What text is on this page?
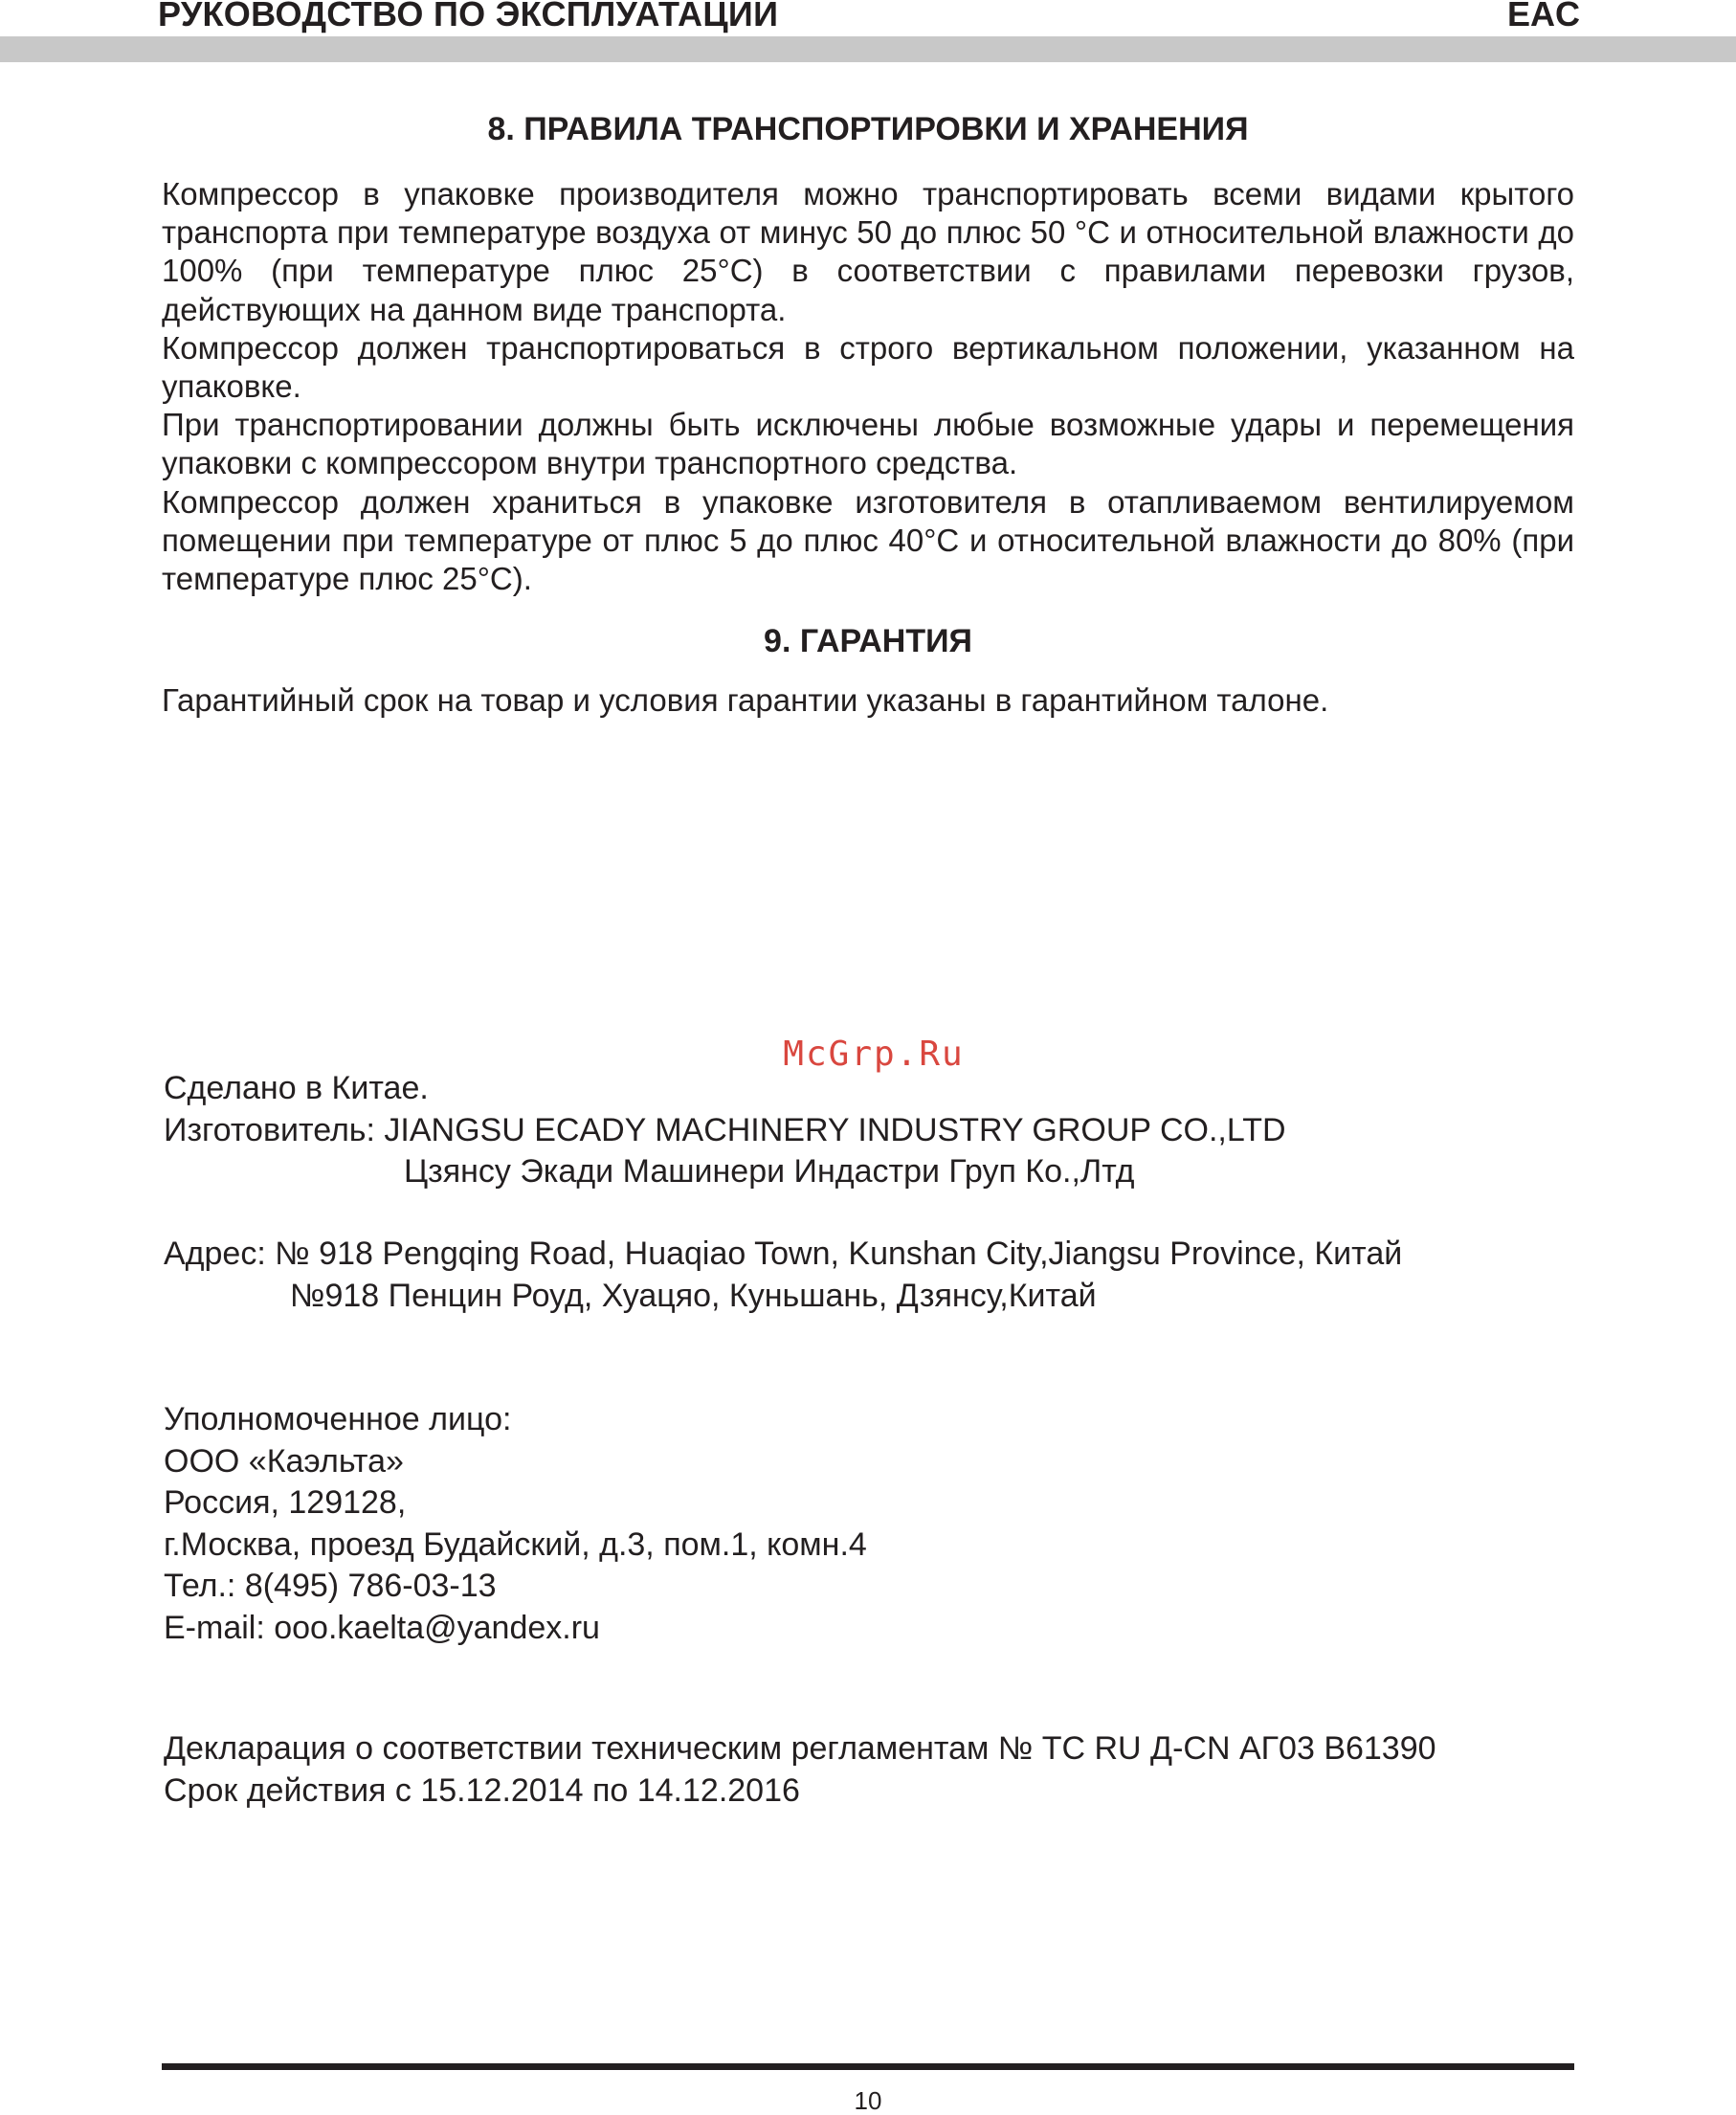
РУКОВОДСТВО ПО ЭКСПЛУАТАЦИИ	EAC
8. ПРАВИЛА ТРАНСПОРТИРОВКИ И ХРАНЕНИЯ

Компрессор в упаковке производителя можно транспортировать всеми видами крытого транспорта при температуре воздуха от минус 50 до плюс 50 °С и относительной влажности до 100% (при температуре плюс 25°С) в соответствии с правилами перевозки грузов, действующих на данном виде транспорта.

Компрессор должен транспортироваться в строго вертикальном положении, указанном на упаковке.

При транспортировании должны быть исключены любые возможные удары и перемещения упаковки с компрессором внутри транспортного средства.

Компрессор должен храниться в упаковке изготовителя в отапливаемом вентилируемом помещении при температуре от плюс 5 до плюс 40°С и относительной влажности до 80% (при температуре плюс 25°С).

9. ГАРАНТИЯ

Гарантийный срок на товар и условия гарантии указаны в гарантийном талоне.

McGrp.Ru
Сделано в Китае.
Изготовитель: JIANGSU ECADY MACHINERY INDUSTRY GROUP CO.,LTD
Цзянсу Экади Машинери Индастри Груп Ко.,Лтд
Адрес: № 918 Pengqing Road, Huaqiao Town, Kunshan City,Jiangsu Province, Китай
№918 Пенцин Роуд, Хуацяо, Куньшань, Дзянсу,Китай
Уполномоченное лицо:
ООО «Каэльта»
Россия, 129128,
г.Москва, проезд Будайский, д.3, пом.1, комн.4
Тел.: 8(495) 786-03-13
E-mail: ooo.kaelta@yandex.ru
Декларация о соответствии техническим регламентам № ТС RU Д-CN АГ03 В61390
Срок действия с 15.12.2014 по 14.12.2016
10
